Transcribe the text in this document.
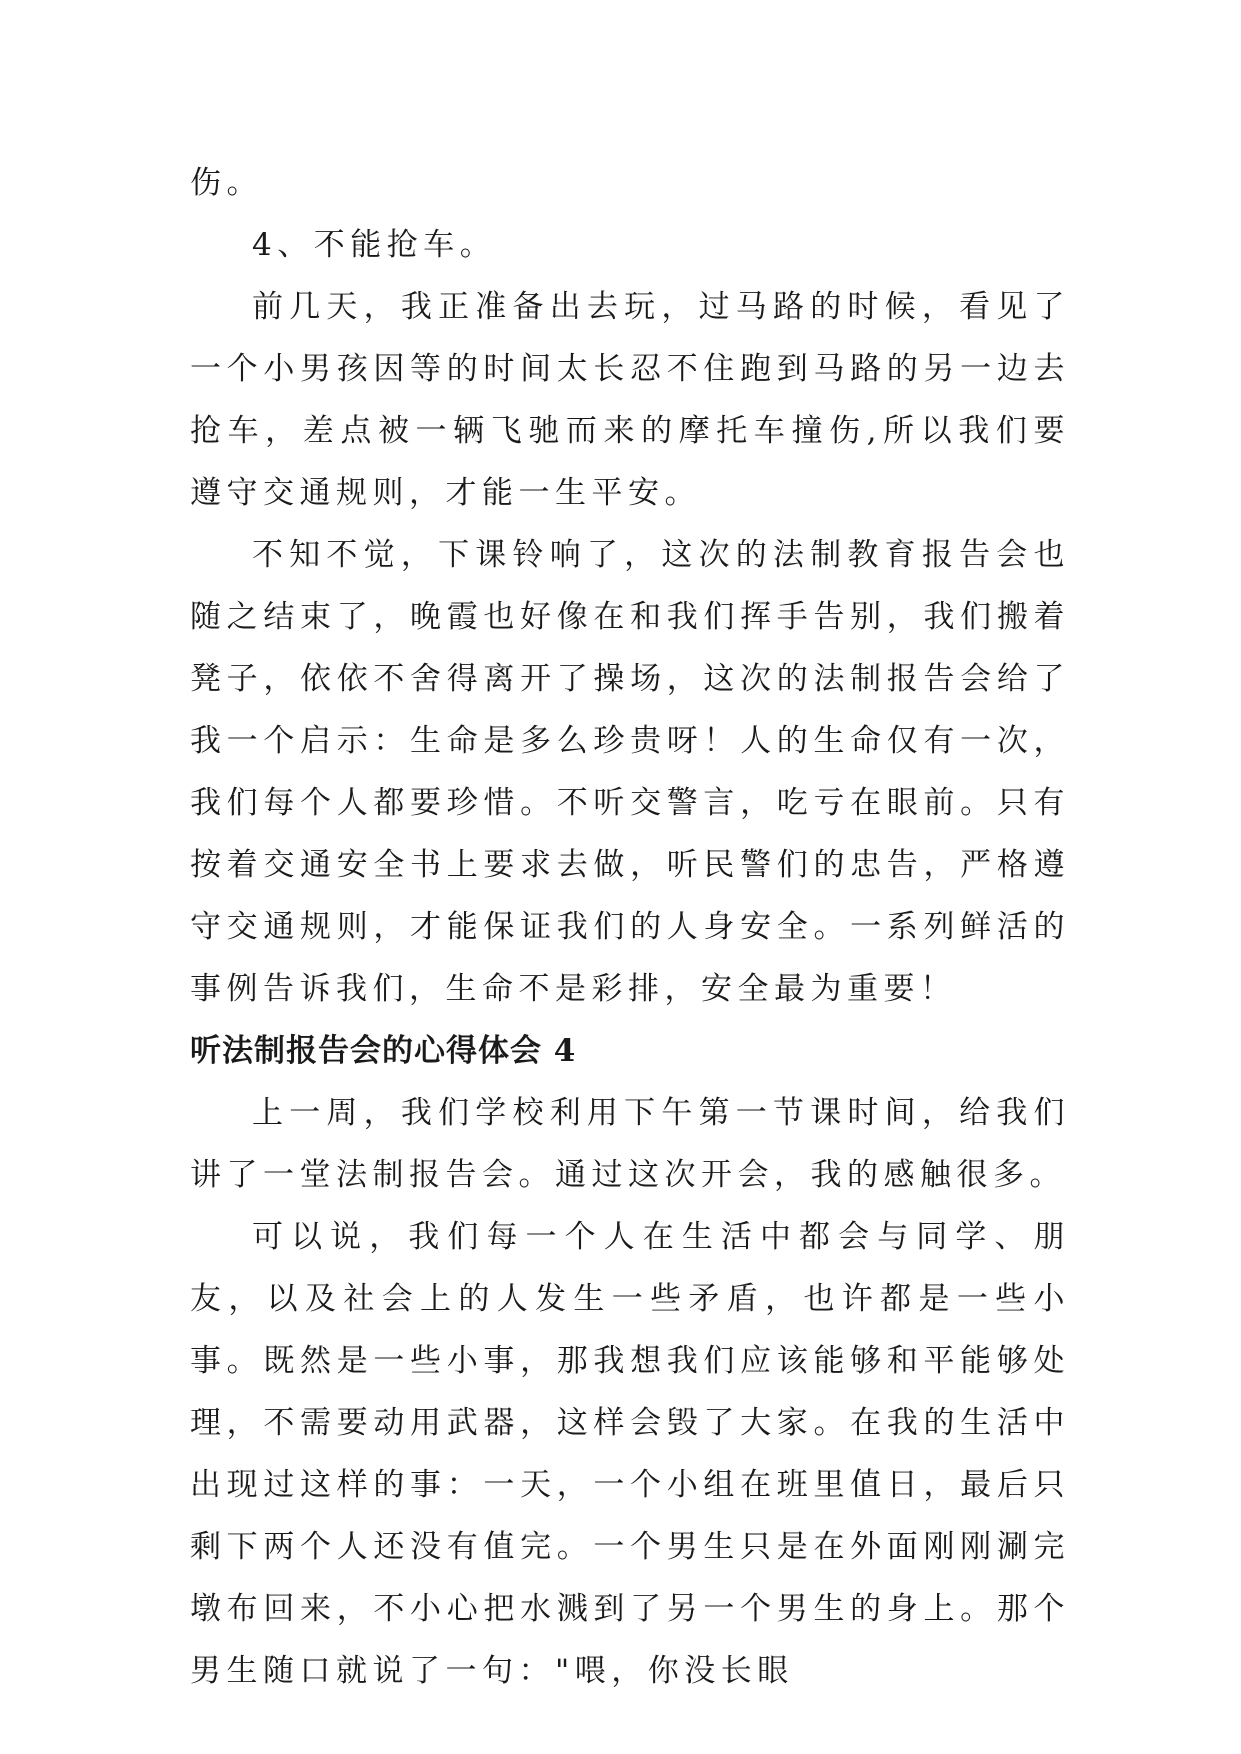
伤。

4、不能抢车。

前几天，我正准备出去玩，过马路的时候，看见了一个小男孩因等的时间太长忍不住跑到马路的另一边去抢车，差点被一辆飞驰而来的摩托车撞伤,所以我们要遵守交通规则，才能一生平安。

不知不觉，下课铃响了，这次的法制教育报告会也随之结束了，晚霞也好像在和我们挥手告别，我们搬着凳子，依依不舍得离开了操场，这次的法制报告会给了我一个启示：生命是多么珍贵呀！人的生命仅有一次，我们每个人都要珍惜。不听交警言，吃亏在眼前。只有按着交通安全书上要求去做，听民警们的忠告，严格遵守交通规则，才能保证我们的人身安全。一系列鲜活的事例告诉我们，生命不是彩排，安全最为重要！

听法制报告会的心得体会 4

上一周，我们学校利用下午第一节课时间，给我们讲了一堂法制报告会。通过这次开会，我的感触很多。

可以说，我们每一个人在生活中都会与同学、朋友，以及社会上的人发生一些矛盾，也许都是一些小事。既然是一些小事，那我想我们应该能够和平能够处理，不需要动用武器，这样会毁了大家。在我的生活中出现过这样的事：一天，一个小组在班里值日，最后只剩下两个人还没有值完。一个男生只是在外面刚刚涮完墩布回来，不小心把水溅到了另一个男生的身上。那个男生随口就说了一句："喂，你没长眼
